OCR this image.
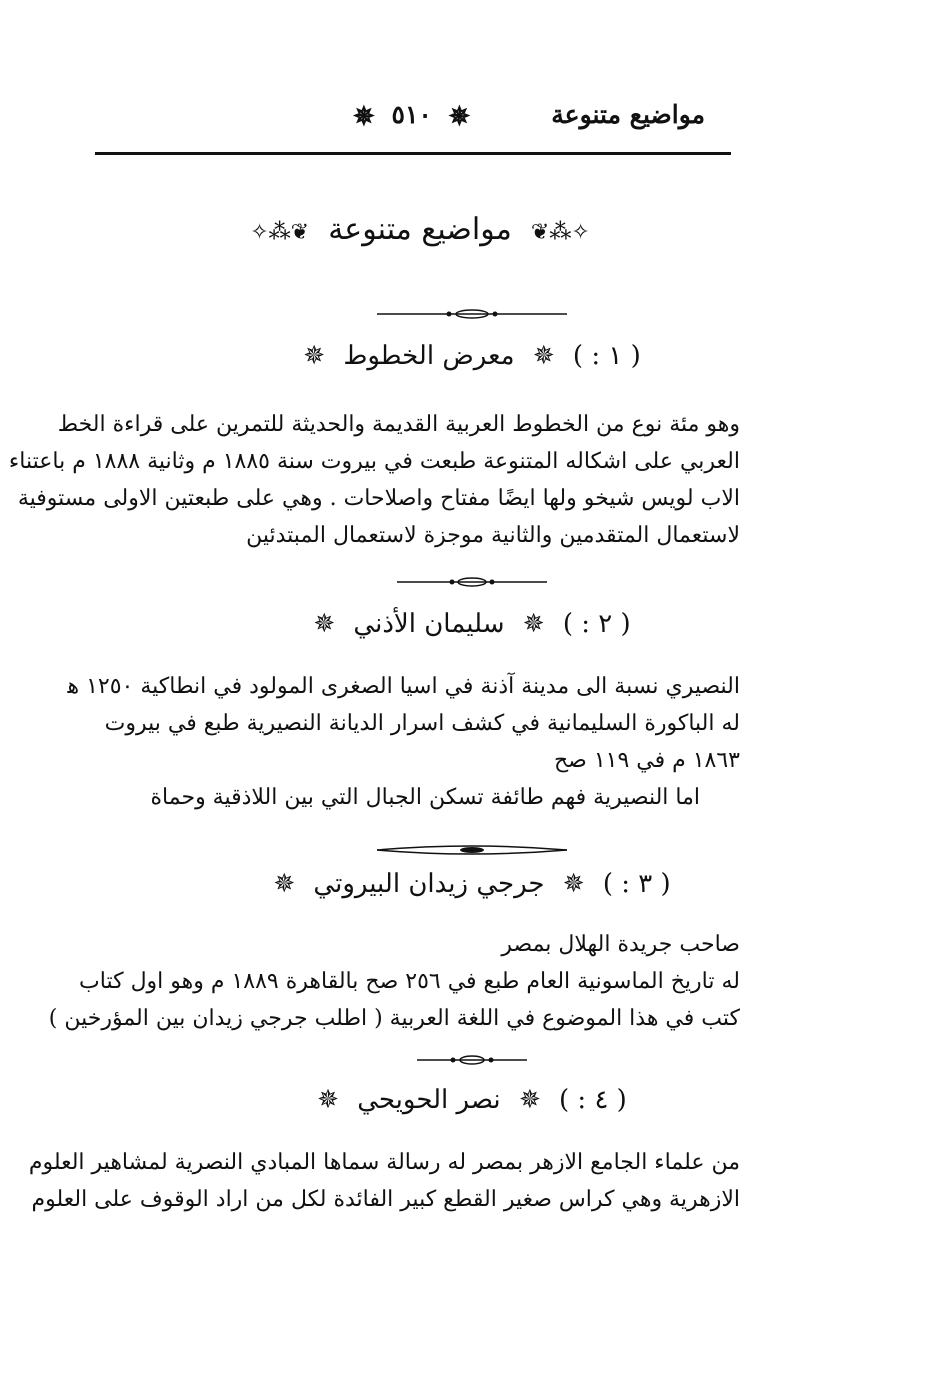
مواضيع متنوعة
✵ ٥١٠ ✵
✧⁂❦ مواضيع متنوعة ❦⁂✧
( ١ : ) ✵ معرض الخطوط ✵
وهو مئة نوع من الخطوط العربية القديمة والحديثة للتمرين على قراءة الخط
العربي على اشكاله المتنوعة طبعت في بيروت سنة ١٨٨٥ م وثانية ١٨٨٨ م باعتناء
الاب لويس شيخو ولها ايضًا مفتاح واصلاحات . وهي على طبعتين الاولى مستوفية
لاستعمال المتقدمين والثانية موجزة لاستعمال المبتدئين
( ٢ : ) ✵ سليمان الأذني ✵
النصيري نسبة الى مدينة آذنة في اسيا الصغرى المولود في انطاكية ١٢٥٠ ﻫ
له الباكورة السليمانية في كشف اسرار الديانة النصيرية طبع في بيروت
١٨٦٣ م في ١١٩ صح
اما النصيرية فهم طائفة تسكن الجبال التي بين اللاذقية وحماة
( ٣ : ) ✵ جرجي زيدان البيروتي ✵
صاحب جريدة الهلال بمصر
له تاريخ الماسونية العام طبع في ٢٥٦ صح بالقاهرة ١٨٨٩ م وهو اول كتاب
كتب في هذا الموضوع في اللغة العربية ( اطلب جرجي زيدان بين المؤرخين )
( ٤ : ) ✵ نصر الحويحي ✵
من علماء الجامع الازهر بمصر له رسالة سماها المبادي النصرية لمشاهير العلوم
الازهرية وهي كراس صغير القطع كبير الفائدة لكل من اراد الوقوف على العلوم
